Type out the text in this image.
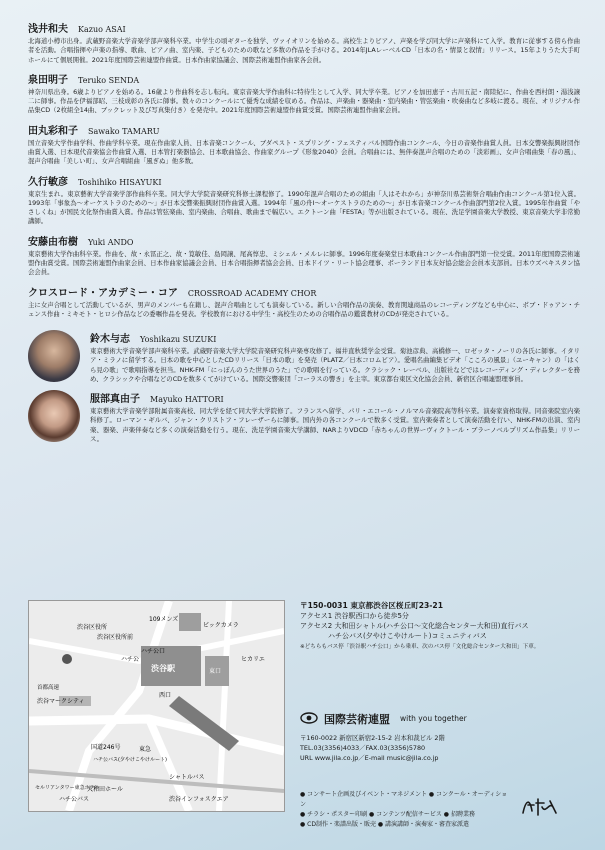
浅井和夫 Kazuo ASAI
北海道小樽市出身。武蔵野音楽大学音楽学部声楽科卒業。中学生の頃ギターを独学、ヴァイオリンを始める。高校生よりピアノ、声楽を学び同大学に声楽科にて入学。教育に従事する傍ら作曲者を活動。合唱指揮や声楽の指導、歌曲、ピアノ曲、室内楽、子どものための歌など多数の作品を手がける。2014年JLAレーベルCD「日本の名・情景と叙情」リリース。15年よりうた大手町ホールにて個展開催。2021年度国際芸術連盟作曲賞。日本作曲家協議会、国際芸術連盟作曲家各会員。
泉田明子 Teruko SENDA
神奈川県出身。6歳よりピアノを始める。16歳より作曲科を志し転向。東京音楽大学作曲科に特待生として入学、同大学卒業。ピアノを加田恵子・古川五記・南陸紀に、作曲を西村朗・湯浅譲二に師事。作品を伊福部昭、三枝成彰の各氏に師事。数々のコンクールにて優秀な成績を収める。作品は、声楽曲・器楽曲・室内楽曲・管弦楽曲・吹奏曲など多岐に渡る。現在、オリジナル作品集CD（2枚組全14曲、ブックレット及び写真集付き）を発売中。2021年度国際芸術連盟作曲賞受賞。国際芸術連盟作曲家会員。
田丸彩和子 Sawako TAMARU
国立音楽大学作曲学科、作曲学科卒業。現在作曲家人員、日本音楽コンクール、ブダペスト・スプリング・フェスティバル国際作曲コンクール、今日の音楽作曲賞人員。日本交響楽振興財団作曲賞入選、日本現代音楽協会作曲賞入選、日本管打楽器協会、日本歌曲協会、作曲家グループ《形象2040》会員。合唱曲には、無伴奏混声合唱のための「淡彩画」、女声合唱曲集「春の風」、混声合唱曲「美しい町」、女声合唱組曲「風ぎぬ」他多数。
久行敏彦 Toshihiko HISAYUKI
東京生まれ。東京藝術大学音楽学部作曲科卒業。同大学大学院音楽研究科修士課程修了。1990年混声合唱のための組曲「人はそれから」が神奈川県芸術祭合唱曲作曲コンクール第1位入賞。1993年「事象為〜オーケストラのための〜」が日本交響楽振興財団作曲賞入選。1994年「風の舟I〜オーケストラのための〜」が日本音楽コンクール作曲部門第2位入賞。1995年作曲賞「やさしくね」が国民文化祭作曲賞入賞。作品は管弦楽曲、室内楽曲、合唱曲、歌曲まで幅広い。エクトーン曲「FESTA」等が出版されている。現在、洗足学園音楽大学教授、東京音楽大学非常勤講師。
安藤由布樹 Yuki ANDO
東京藝術大学作曲科卒業。作曲を、故・永冨正之、故・筧敏佳、島岡譲、尾高惇忠、ミシェル・メルレに師事。1996年度奏楽堂日本歌曲コンクール作曲部門第一位受賞。2011年度国際芸術連盟作曲賞受賞。国際芸術連盟作曲家会員、日本作曲家協議会会員、日本合唱指揮者協会会員、日本ドイツ・リート協会理事、ポーランド日本友好協会総会会員本支部員。日本ウズベキスタン協会会員。
クロスロード・アカデミー・コア CROSSROAD ACADEMY CHOR
主に女声合唱として活動しているが、男声のメンバーも在籍し、混声合唱曲としても演奏している。新しい合唱作品の演奏、教育関連商品のレコーディングなども中心に、ボブ・ドゥアン・チェンス作曲・ミキモト・ヒロシ作品などの委嘱作品を発表。学校教育における中学生・高校生のための合唱作品の鑑賞教材のCDが発売されている。
鈴木与志 Yoshikazu SUZUKI
東京藝術大学音楽学部声楽科卒業。武蔵野音楽大学大学院音楽研究科声楽専攻修了。福井直秋奨学金受賞。菊池彦典、高橋修一、ロゼッタ・ノーリの各氏に師事。イタリア・ミラノに留学する。日本の歌を中心としたCDリリース「日本の歌」を発売（PLATZ／日本コロムビア）。愛唱名曲編集ビデオ「こころの風景」（ユーキャン）の「はくら見の歌」で歌唱指導を担当。NHK-FM「にっぽんのうた世界のうた」での歌唱を行っている。クラシック・レーベル、出版社などではレコーディング・ディレクターを務め、クラシックや合唱などのCDを数多くてがけている。国際交響楽団「コーラスの響き」を主宰。東京都台東区文化協会会員、新宿区合唱連盟理事員。
服部真由子 Mayuko HATTORI
東京藝術大学音楽学部附属音楽高校、同大学を経て同大学大学院修了。フランスへ留学、パリ・エコール・ノルマル音楽院高等科卒業。演奏家資格取得。同音楽院室内楽科修了。ローマン・ギルバ、ジャン・クリストフ・フレーザーらに師事。国内外の各コンクールで数多く受賞。室内楽奏者として演奏活動を行い、NHK-FMの出演、室内楽、器楽、声楽伴奏など多くの演奏活動を行う。現在、洗足学園音楽大学講師、NARよりVDCD「赤ちゃんの世界ーヴィクトール・ブラーノベルプリズム作品集」リリース。
109メンズ
ビックカメラ
渋谷区役所前
渋谷駅
ハチ公口
ハチ公	ヒカリエ
東口
西口
渋谷マークシティ
首都高速
国道246号
セルリアンタワー東急ホテル
ハチ公バス
シャトルバス
渋谷インフォスクエア
渋谷区役所
ハチ公バス(夕やけこやけルート)
東急
大和田ホール
〒150-0031 東京都渋谷区桜丘町23-21
アクセス1 渋谷駅西口から徒歩5分
アクセス2 大和田シャトル(ハチ公口〜文化総合センター大和田)直行バス
ハチ公バス(夕やけこやけルート)コミュニティバス
※どちらもバス停「渋谷駅ハチ公口」から乗車、次のバス停「文化総合センター大和田」下車。
国際芸術連盟 with you together
〒160-0022 新宿区新宿2-15-2 岩本和裁ビル 2階
TEL.03(3356)4033／FAX.03(3356)5780
URL www.jila.co.jp／E-mail music@jila.co.jp
● コンサート企画及びイベント・マネジメント ● コンクール・オーディション
● チラシ・ポスター印刷 ● コンテンツ配信サービス ● 招聘業務
● CD制作・楽譜出版・販売 ● 講演講師・演奏家・審査家派遣
